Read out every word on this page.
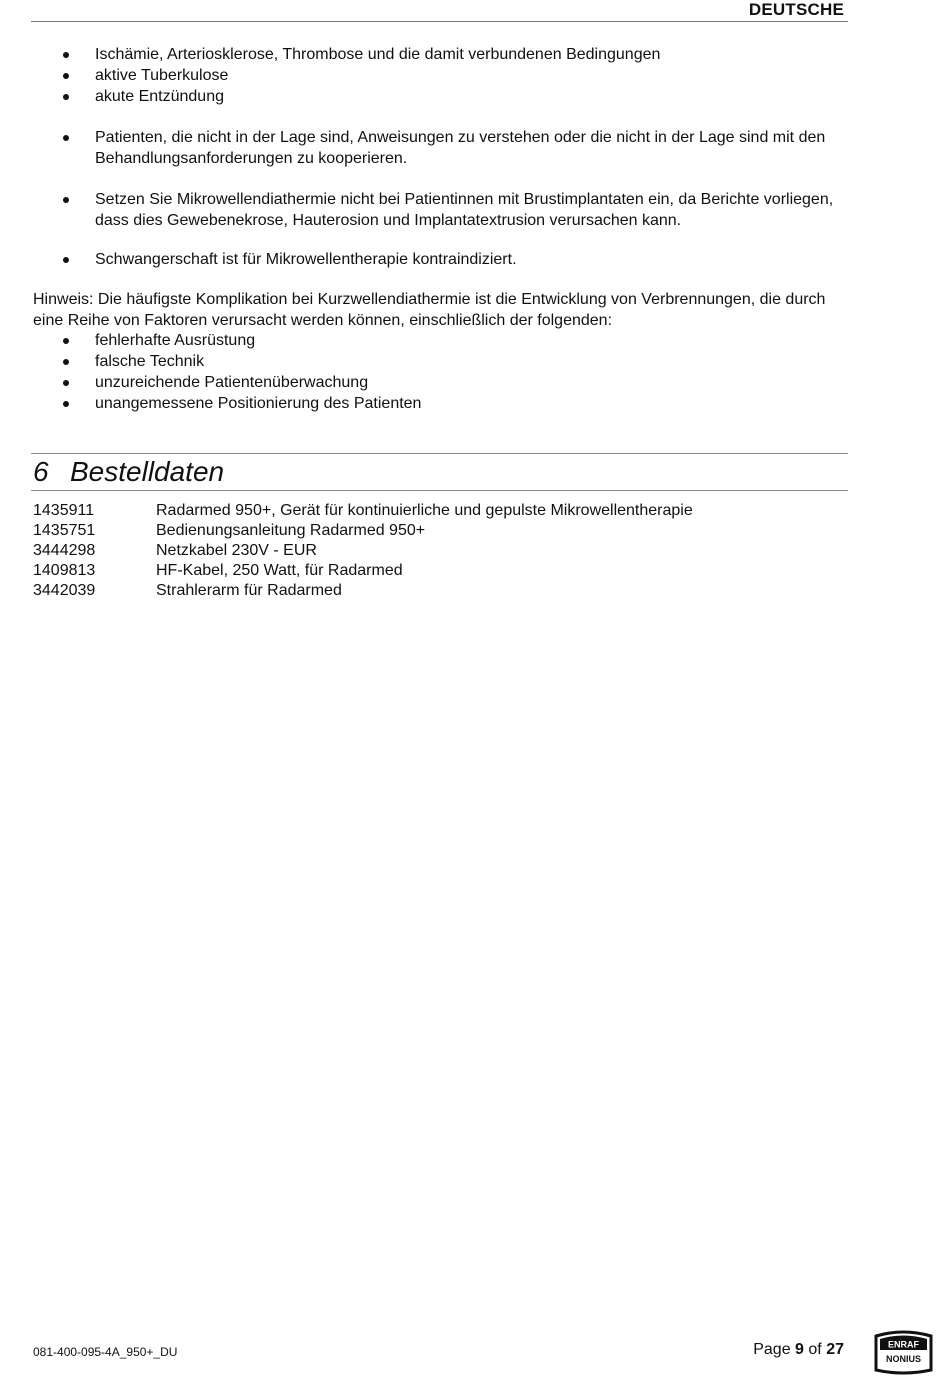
DEUTSCHE
Ischämie, Arteriosklerose, Thrombose und die damit verbundenen Bedingungen
aktive Tuberkulose
akute Entzündung
Patienten, die nicht in der Lage sind, Anweisungen zu verstehen oder die nicht in der Lage sind mit den Behandlungsanforderungen zu kooperieren.
Setzen Sie Mikrowellendiathermie nicht bei Patientinnen mit Brustimplantaten ein, da Berichte vorliegen, dass dies Gewebenekrose, Hauterosion und Implantatextrusion verursachen kann.
Schwangerschaft ist für Mikrowellentherapie kontraindiziert.
Hinweis: Die häufigste Komplikation bei Kurzwellendiathermie ist die Entwicklung von Verbrennungen, die durch eine Reihe von Faktoren verursacht werden können, einschließlich der folgenden:
fehlerhafte Ausrüstung
falsche Technik
unzureichende Patientenüberwachung
unangemessene Positionierung des Patienten
6 Bestelldaten
1435911	Radarmed 950+, Gerät für kontinuierliche und gepulste Mikrowellentherapie
1435751	Bedienungsanleitung Radarmed 950+
3444298	Netzkabel 230V - EUR
1409813	HF-Kabel, 250 Watt, für Radarmed
3442039	Strahlerarm für Radarmed
081-400-095-4A_950+_DU	Page 9 of 27	ENRAF
NONIUS
